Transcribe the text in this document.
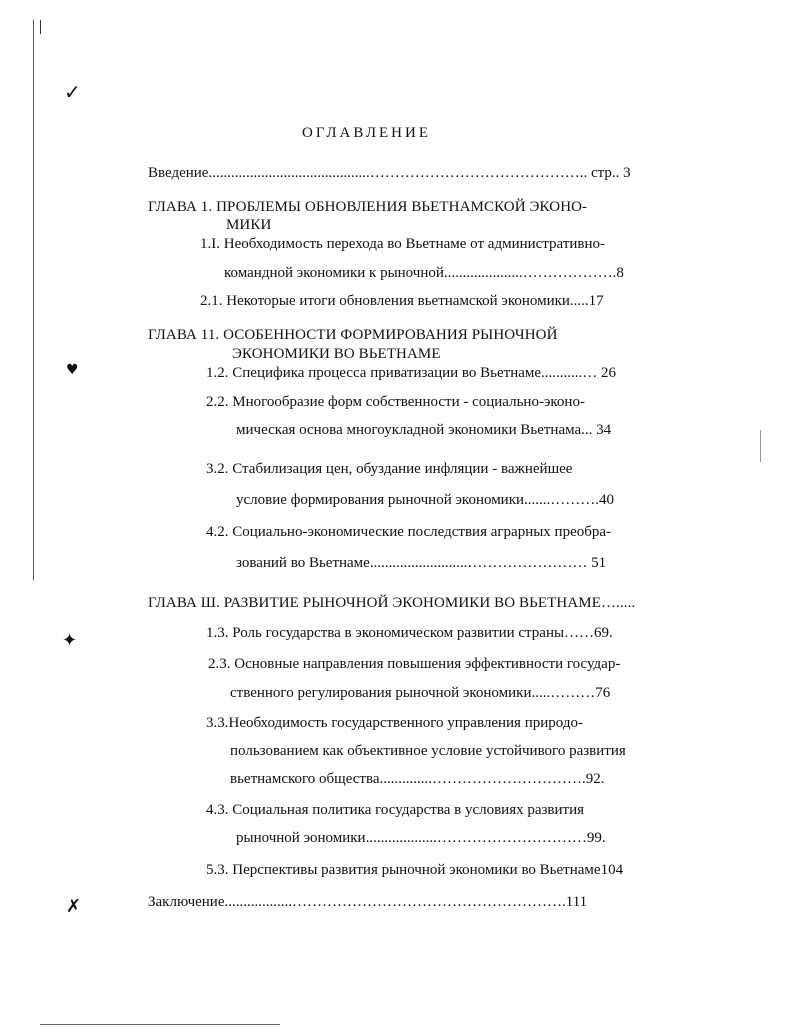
✓
♥
✦
✗
ОГЛАВЛЕНИЕ
Введение...........................................…………………………………….. стр.. 3
ГЛАВА 1. ПРОБЛЕМЫ ОБНОВЛЕНИЯ ВЬЕТНАМСКОЙ ЭКОНО-
МИКИ
1.I. Необходимость перехода во Вьетнаме от административно-
командной экономики к рыночной.....................……………….8
2.1. Некоторые итоги обновления вьетнамской экономики.....17
ГЛАВА 11. ОСОБЕННОСТИ ФОРМИРОВАНИЯ РЫНОЧНОЙ
ЭКОНОМИКИ ВО ВЬЕТНАМЕ
1.2. Специфика процесса приватизации во Вьетнаме...........… 26
2.2. Многообразие форм собственности - социально-эконо-
мическая основа многоукладной экономики Вьетнама... 34
3.2. Стабилизация цен, обуздание инфляции - важнейшее
условие формирования рыночной экономики.......……….40
4.2. Социально-экономические последствия аграрных преобра-
зований во Вьетнаме..........................…………………… 51
ГЛАВА Ш. РАЗВИТИЕ РЫНОЧНОЙ ЭКОНОМИКИ ВО ВЬЕТНАМЕ….....
1.3. Роль государства в экономическом развитии страны……69.
2.3. Основные направления повышения эффективности государ-
ственного регулирования рыночной экономики.....………76
3.3.Необходимость государственного управления природо-
пользованием как объективное условие устойчивого развития
вьетнамского общества..............………………………….92.
4.3. Социальная политика государства в условиях развития
рыночной эономики...................…………………………99.
5.3. Перспективы развития рыночной экономики во Вьетнаме104
Заключение..................……………………………………………….111
